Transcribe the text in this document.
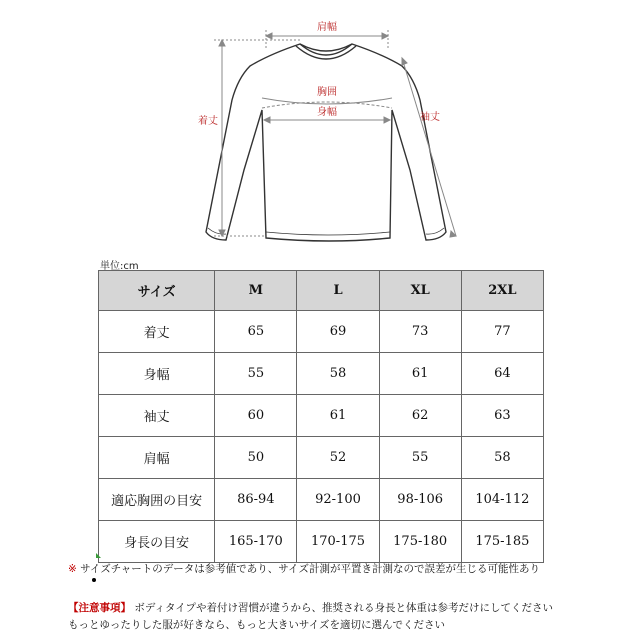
肩幅
胸囲
身幅
着丈	袖丈
単位:cm
サイズ	M	L	XL	2XL
着丈	65	69	73	77
身幅	55	58	61	64
袖丈	60	61	62	63
肩幅	50	52	55	58
適応胸囲の目安	86-94	92-100	98-106	104-112
身長の目安	165-170	170-175	175-180	175-185
※ サイズチャートのデータは参考値であり、サイズ計測が平置き計測なので誤差が生じる可能性あり
【注意事項】 ボディタイプや着付け習慣が違うから、推奨される身長と体重は参考だけにしてください
もっとゆったりした服が好きなら、もっと大きいサイズを適切に選んでください
